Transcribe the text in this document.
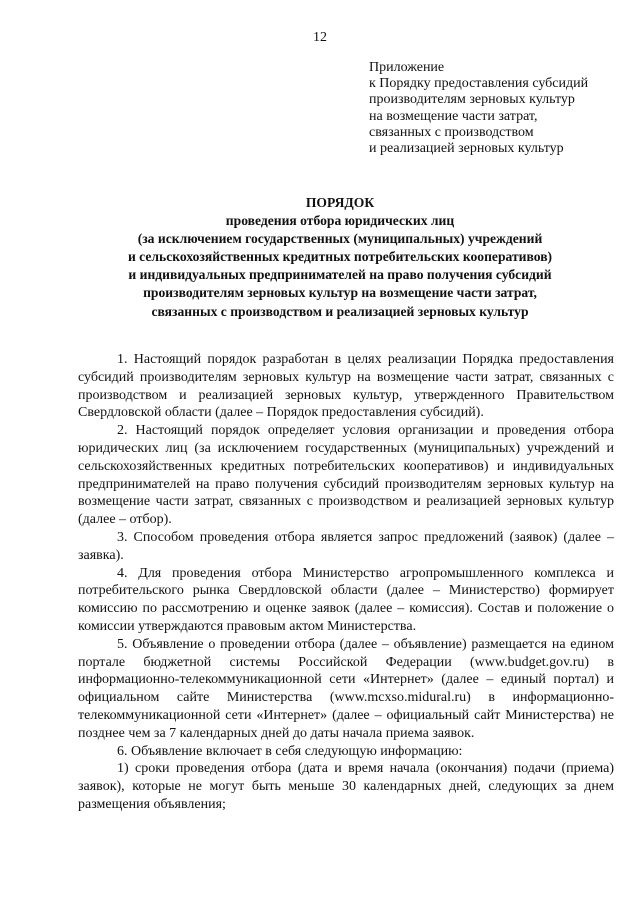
12
Приложение
к Порядку предоставления субсидий
производителям зерновых культур
на возмещение части затрат,
связанных с производством
и реализацией зерновых культур
ПОРЯДОК
проведения отбора юридических лиц
(за исключением государственных (муниципальных) учреждений
и сельскохозяйственных кредитных потребительских кооперативов)
и индивидуальных предпринимателей на право получения субсидий
производителям зерновых культур на возмещение части затрат,
связанных с производством и реализацией зерновых культур

1. Настоящий порядок разработан в целях реализации Порядка предоставления субсидий производителям зерновых культур на возмещение части затрат, связанных с производством и реализацией зерновых культур, утвержденного Правительством Свердловской области (далее – Порядок предоставления субсидий).

2. Настоящий порядок определяет условия организации и проведения отбора юридических лиц (за исключением государственных (муниципальных) учреждений и сельскохозяйственных кредитных потребительских кооперативов) и индивидуальных предпринимателей на право получения субсидий производителям зерновых культур на возмещение части затрат, связанных с производством и реализацией зерновых культур (далее – отбор).

3. Способом проведения отбора является запрос предложений (заявок) (далее – заявка).

4. Для проведения отбора Министерство агропромышленного комплекса и потребительского рынка Свердловской области (далее – Министерство) формирует комиссию по рассмотрению и оценке заявок (далее – комиссия). Состав и положение о комиссии утверждаются правовым актом Министерства.

5. Объявление о проведении отбора (далее – объявление) размещается на едином портале бюджетной системы Российской Федерации (www.budget.gov.ru) в информационно-телекоммуникационной сети «Интернет» (далее – единый портал) и официальном сайте Министерства (www.mcxso.midural.ru) в информационно-телекоммуникационной сети «Интернет» (далее – официальный сайт Министерства) не позднее чем за 7 календарных дней до даты начала приема заявок.

6. Объявление включает в себя следующую информацию:

1) сроки проведения отбора (дата и время начала (окончания) подачи (приема) заявок), которые не могут быть меньше 30 календарных дней, следующих за днем размещения объявления;
